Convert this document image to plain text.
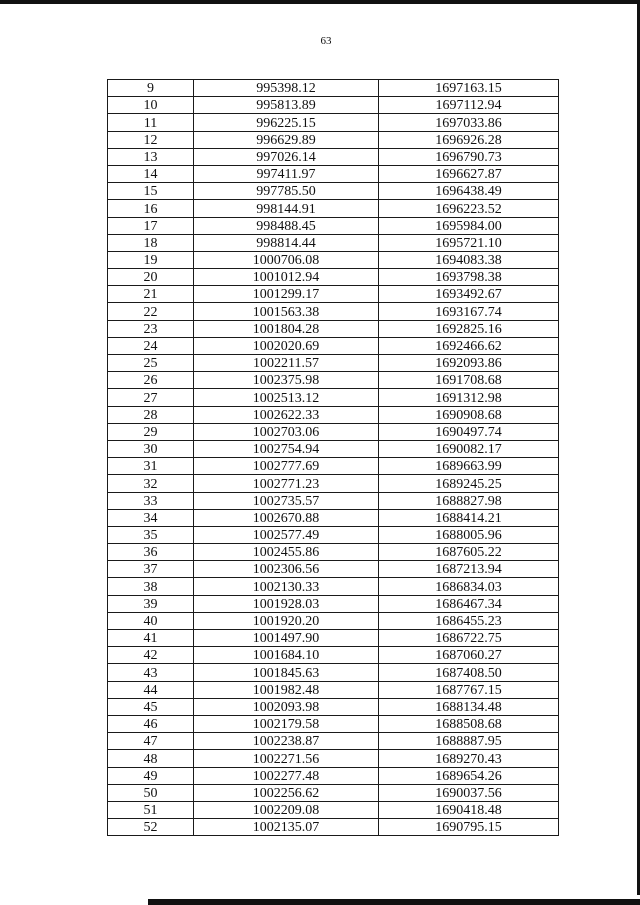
63
9	995398.12	1697163.15
10	995813.89	1697112.94
11	996225.15	1697033.86
12	996629.89	1696926.28
13	997026.14	1696790.73
14	997411.97	1696627.87
15	997785.50	1696438.49
16	998144.91	1696223.52
17	998488.45	1695984.00
18	998814.44	1695721.10
19	1000706.08	1694083.38
20	1001012.94	1693798.38
21	1001299.17	1693492.67
22	1001563.38	1693167.74
23	1001804.28	1692825.16
24	1002020.69	1692466.62
25	1002211.57	1692093.86
26	1002375.98	1691708.68
27	1002513.12	1691312.98
28	1002622.33	1690908.68
29	1002703.06	1690497.74
30	1002754.94	1690082.17
31	1002777.69	1689663.99
32	1002771.23	1689245.25
33	1002735.57	1688827.98
34	1002670.88	1688414.21
35	1002577.49	1688005.96
36	1002455.86	1687605.22
37	1002306.56	1687213.94
38	1002130.33	1686834.03
39	1001928.03	1686467.34
40	1001920.20	1686455.23
41	1001497.90	1686722.75
42	1001684.10	1687060.27
43	1001845.63	1687408.50
44	1001982.48	1687767.15
45	1002093.98	1688134.48
46	1002179.58	1688508.68
47	1002238.87	1688887.95
48	1002271.56	1689270.43
49	1002277.48	1689654.26
50	1002256.62	1690037.56
51	1002209.08	1690418.48
52	1002135.07	1690795.15
